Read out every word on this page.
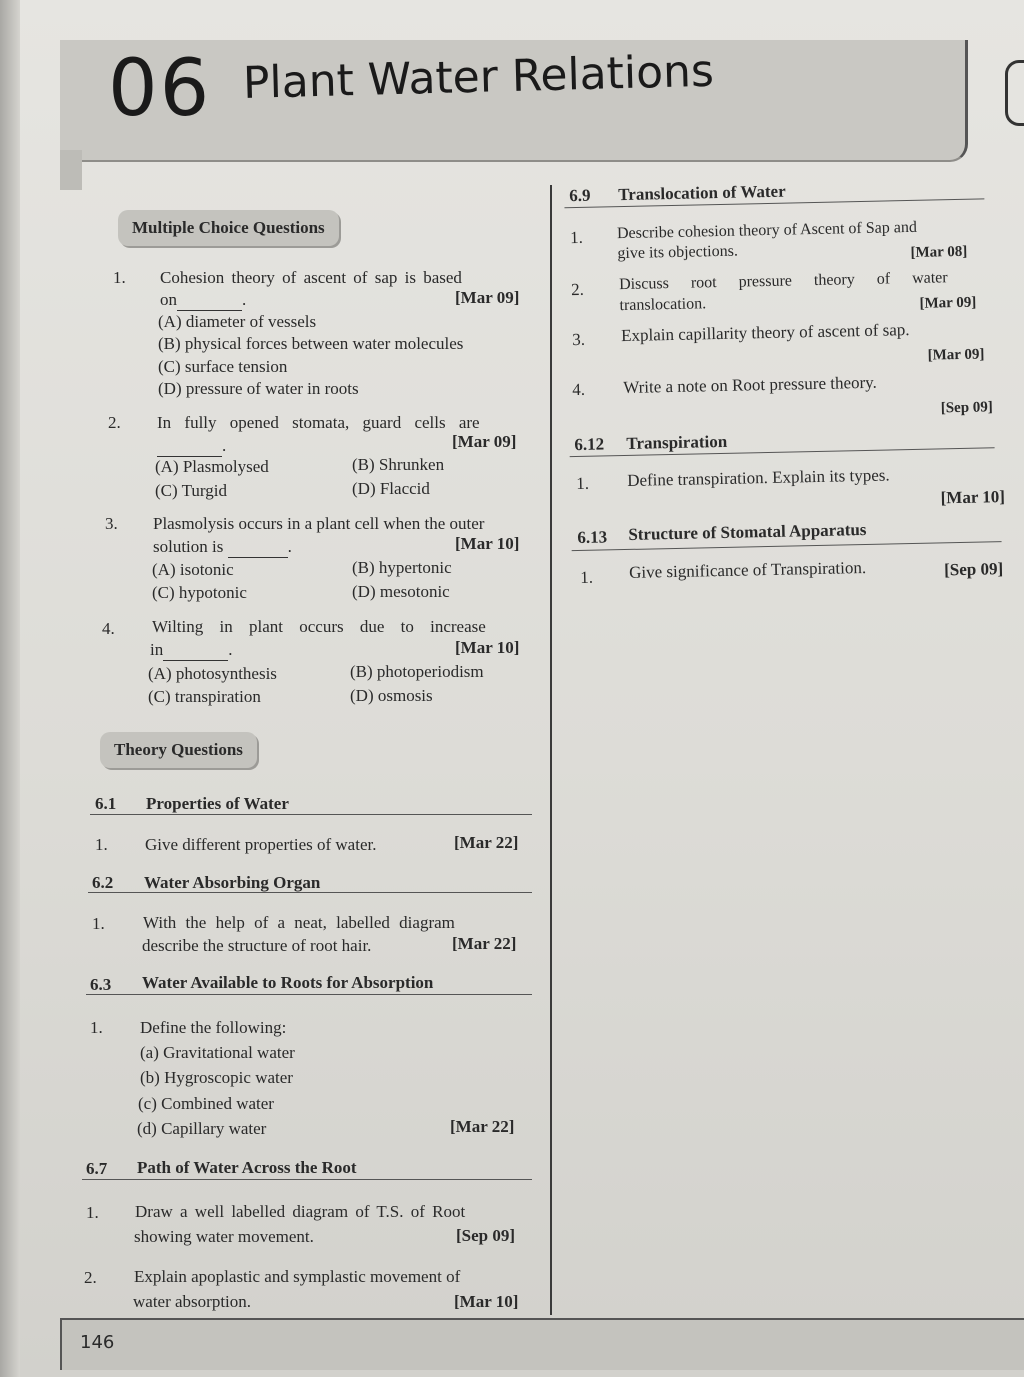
06 Plant Water Relations
Multiple Choice Questions
1. Cohesion theory of ascent of sap is based
on	.	[Mar 09]
(A) diameter of vessels
(B) physical forces between water molecules
(C) surface tension
(D) pressure of water in roots
2. In fully opened stomata, guard cells are
.	[Mar 09]
(A) Plasmolysed	(B) Shrunken
(C) Turgid	(D) Flaccid
3. Plasmolysis occurs in a plant cell when the outer
solution is	.	[Mar 10]
(A) isotonic	(B) hypertonic
(C) hypotonic	(D) mesotonic
4. Wilting in plant occurs due to increase
in	.	[Mar 10]
(A) photosynthesis	(B) photoperiodism
(C) transpiration	(D) osmosis
Theory Questions
6.1 Properties of Water
1. Give different properties of water.	[Mar 22]
6.2 Water Absorbing Organ
1. With the help of a neat, labelled diagram
describe the structure of root hair.	[Mar 22]
6.3 Water Available to Roots for Absorption
1. Define the following:
(a) Gravitational water
(b) Hygroscopic water
(c) Combined water
(d) Capillary water	[Mar 22]
6.7 Path of Water Across the Root
1. Draw a well labelled diagram of T.S. of Root
showing water movement.	[Sep 09]
2. Explain apoplastic and symplastic movement of
water absorption.	[Mar 10]
6.9 Translocation of Water
1. Describe cohesion theory of Ascent of Sap and
give its objections.	[Mar 08]
2. Discuss root pressure theory of water
translocation.	[Mar 09]
3. Explain capillarity theory of ascent of sap.
[Mar 09]
4. Write a note on Root pressure theory.
[Sep 09]
6.12 Transpiration
1. Define transpiration. Explain its types.
[Mar 10]
6.13 Structure of Stomatal Apparatus
1. Give significance of Transpiration.	[Sep 09]
146
